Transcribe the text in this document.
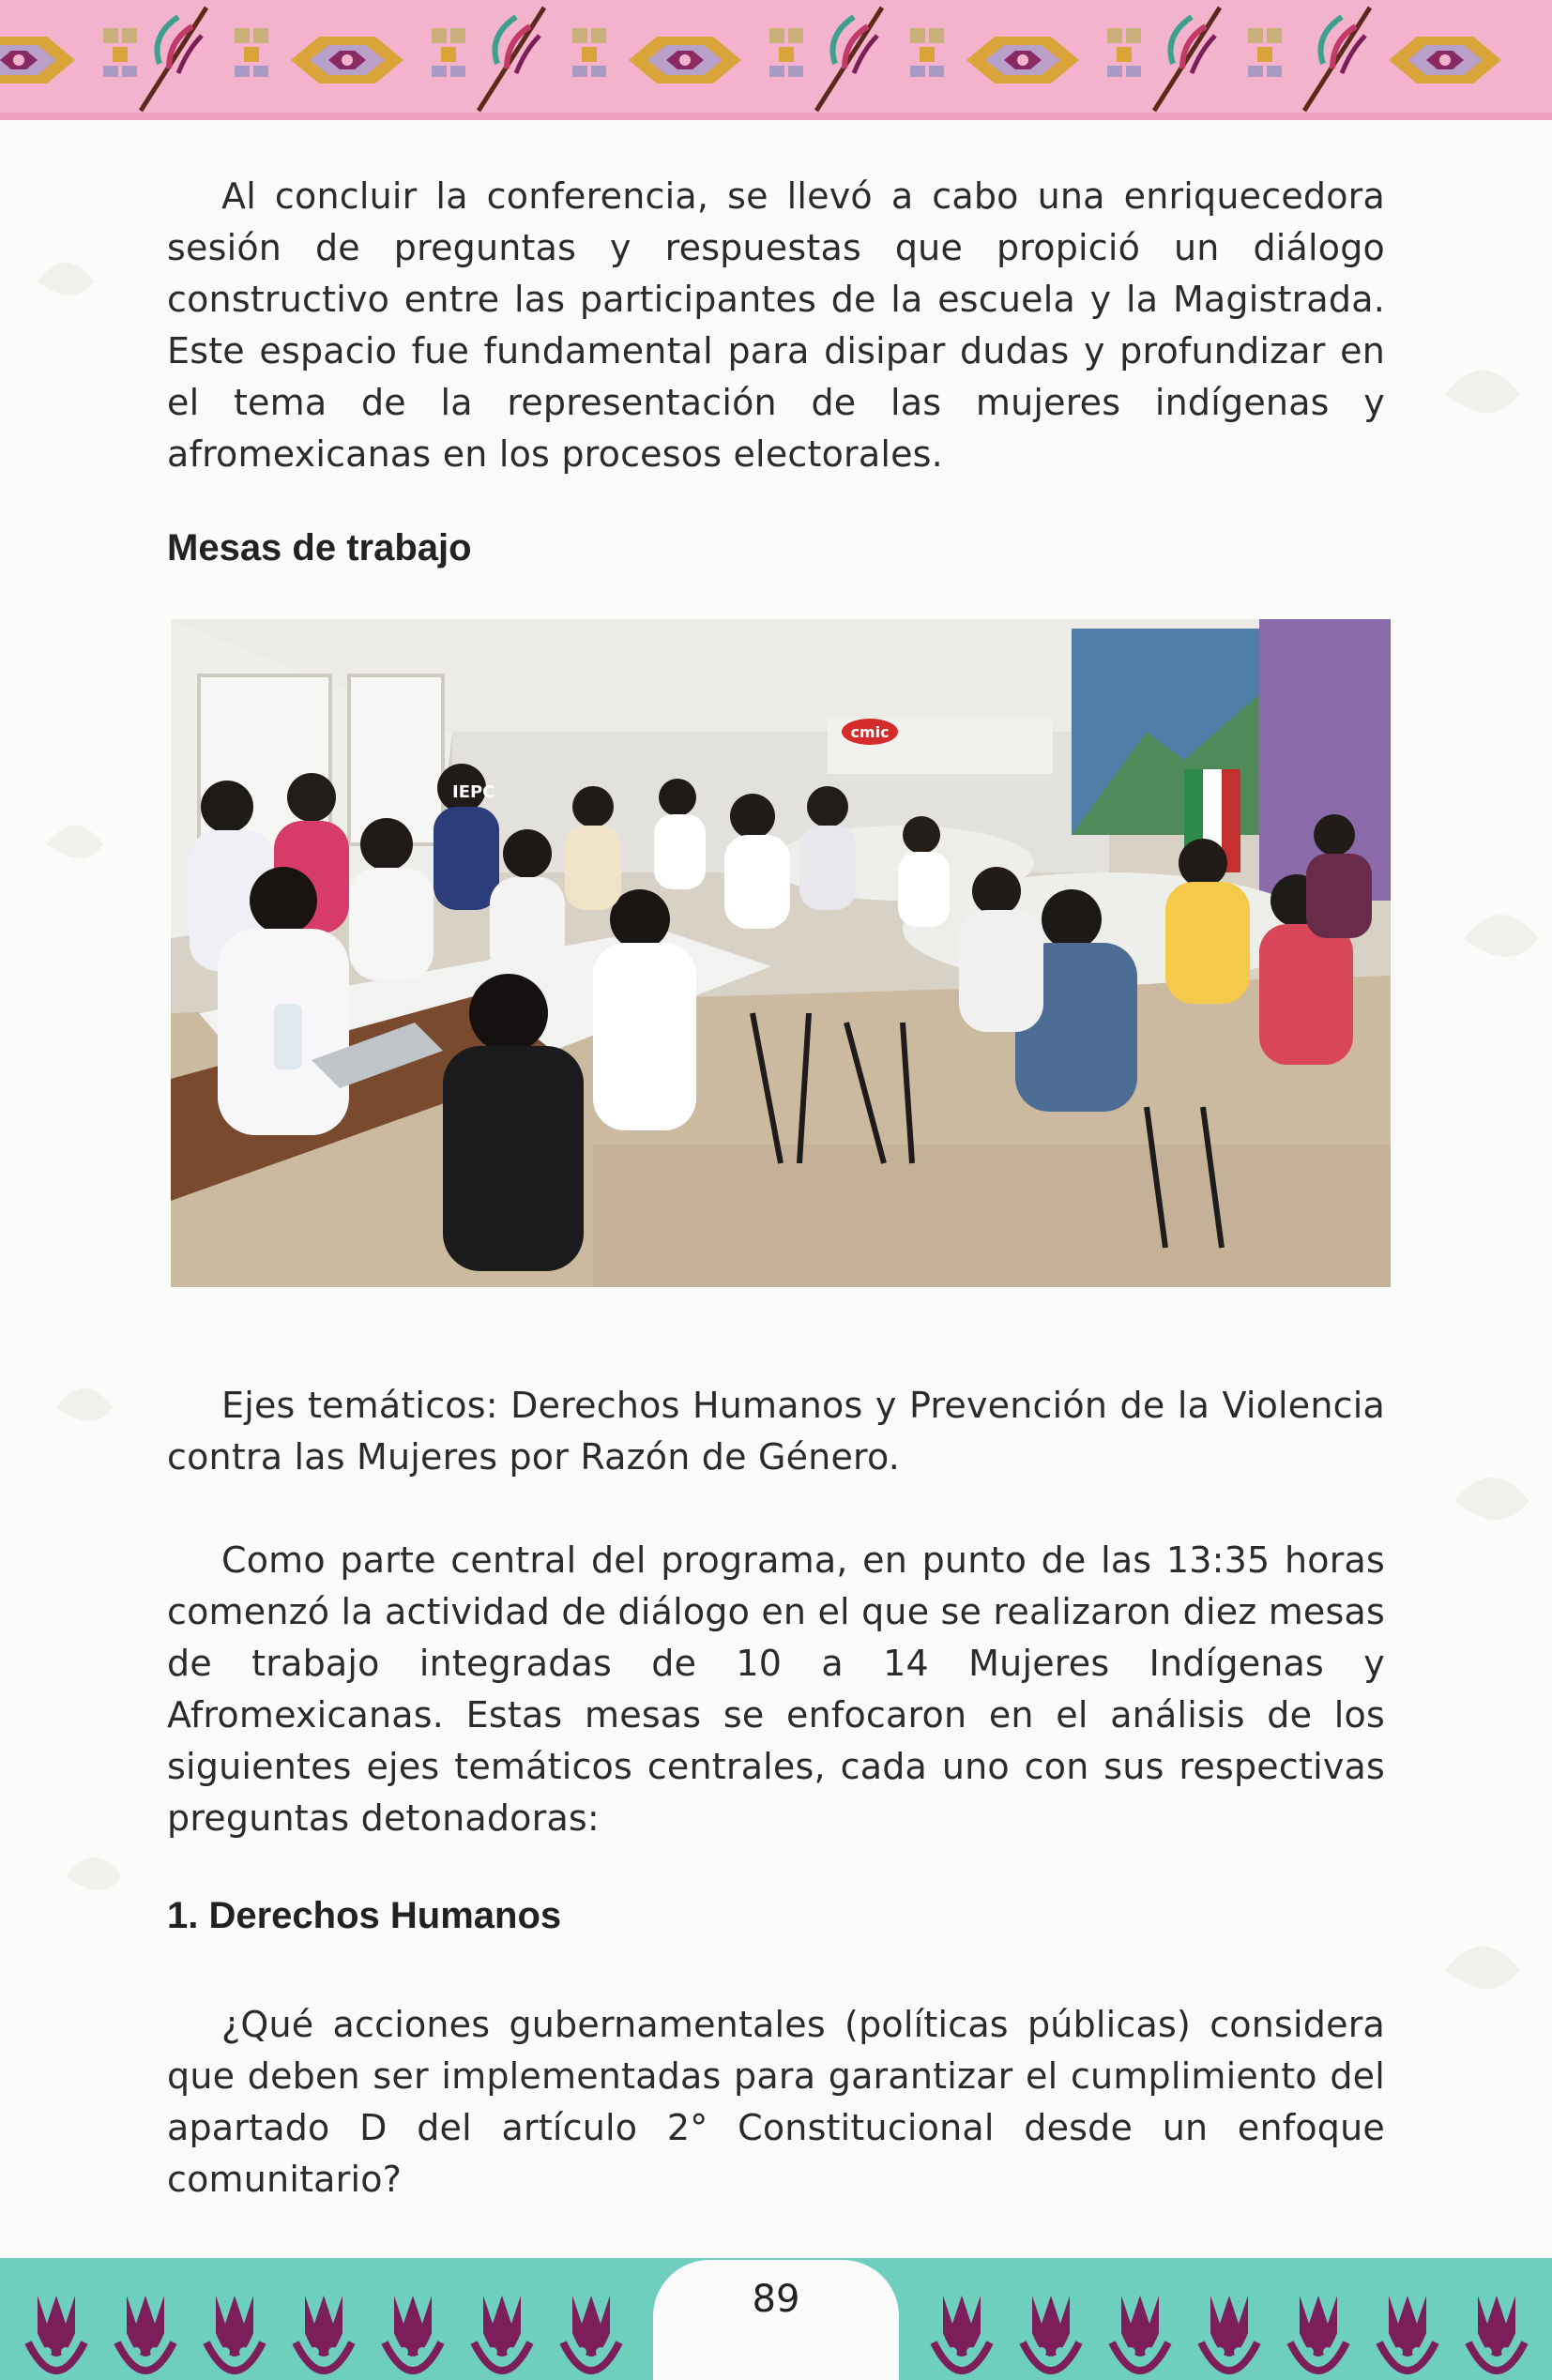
Al concluir la conferencia, se llevó a cabo una enriquecedora sesión de preguntas y respuestas que propició un diálogo constructivo entre las participantes de la escuela y la Magistrada. Este espacio fue fundamental para disipar dudas y profundizar en el tema de la representación de las mujeres indígenas y afromexicanas en los procesos electorales.

Mesas de trabajo
cmic
IEPC

Ejes temáticos: Derechos Humanos y Prevención de la Violencia contra las Mujeres por Razón de Género.

Como parte central del programa, en punto de las 13:35 horas comenzó la actividad de diálogo en el que se realizaron diez mesas de trabajo integradas de 10 a 14 Mujeres Indígenas y Afromexicanas. Estas mesas se enfocaron en el análisis de los siguientes ejes temáticos centrales, cada uno con sus respectivas preguntas detonadoras:

1. Derechos Humanos

¿Qué acciones gubernamentales (políticas públicas) considera que deben ser implementadas para garantizar el cumplimiento del apartado D del artículo 2° Constitucional desde un enfoque comunitario?

89
